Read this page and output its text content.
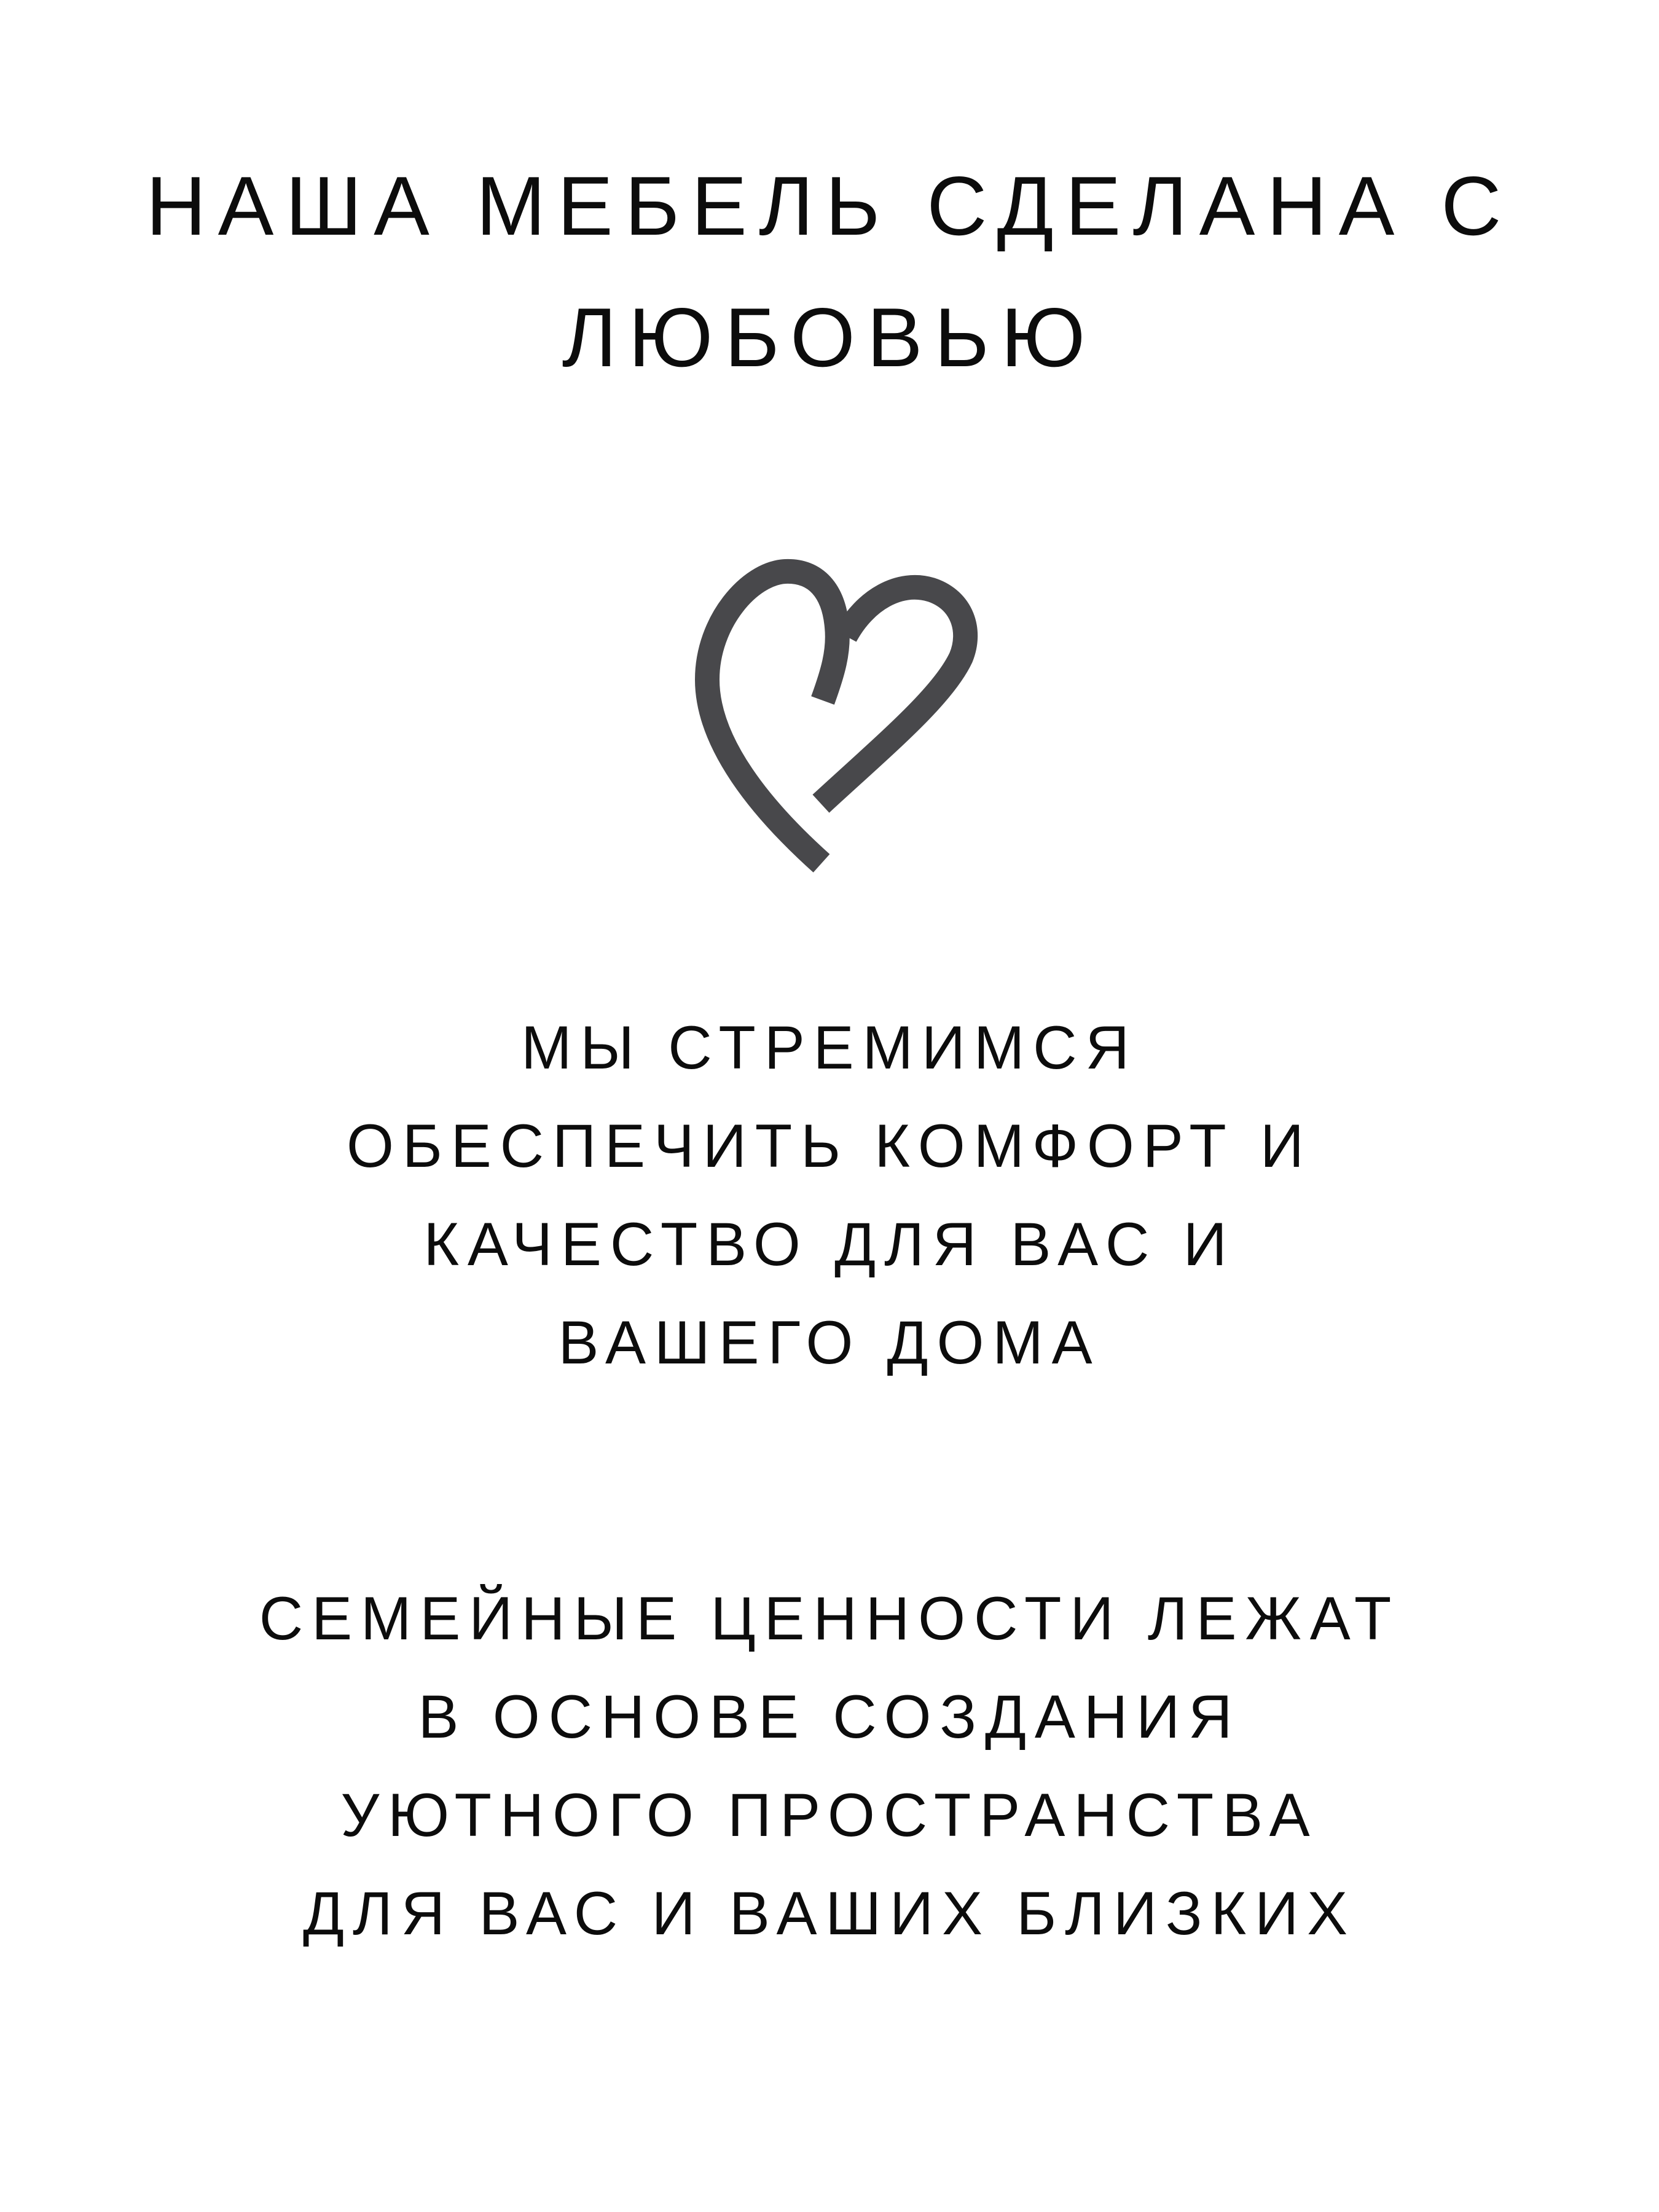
НАША МЕБЕЛЬ СДЕЛАНА С
ЛЮБОВЬЮ
МЫ СТРЕМИМСЯ
ОБЕСПЕЧИТЬ КОМФОРТ И
КАЧЕСТВО ДЛЯ ВАС И
ВАШЕГО ДОМА
СЕМЕЙНЫЕ ЦЕННОСТИ ЛЕЖАТ
В ОСНОВЕ СОЗДАНИЯ
УЮТНОГО ПРОСТРАНСТВА
ДЛЯ ВАС И ВАШИХ БЛИЗКИХ
